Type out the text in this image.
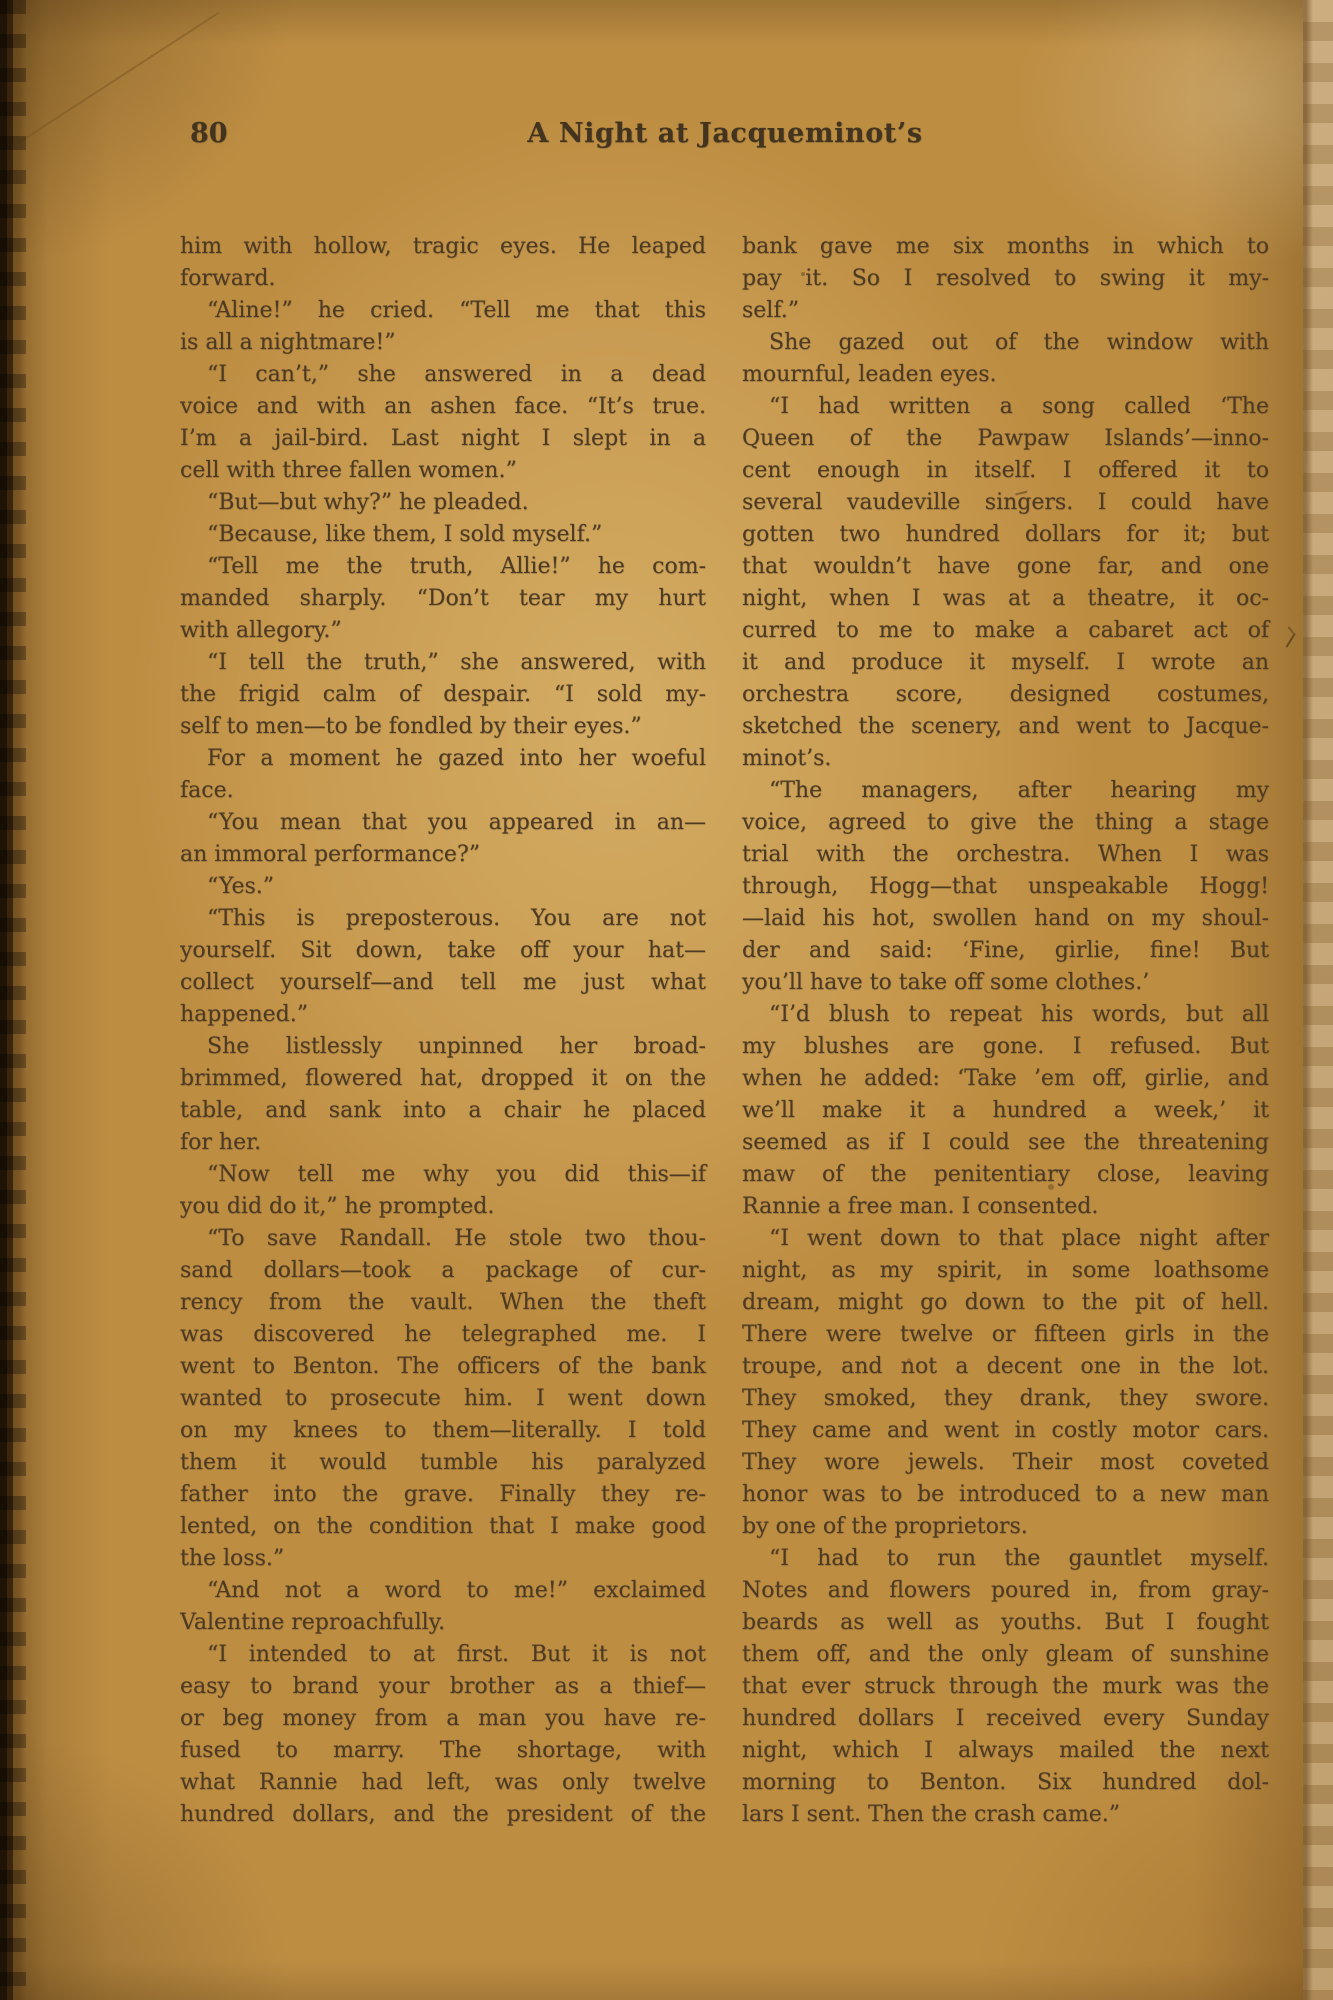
80	A Night at Jacqueminot’s
him with hollow, tragic eyes. He leaped
forward.
“Aline!” he cried. “Tell me that this
is all a nightmare!”
“I can’t,” she answered in a dead
voice and with an ashen face. “It’s true.
I’m a jail-bird. Last night I slept in a
cell with three fallen women.”
“But—but why?” he pleaded.
“Because, like them, I sold myself.”
“Tell me the truth, Allie!” he com-
manded sharply. “Don’t tear my hurt
with allegory.”
“I tell the truth,” she answered, with
the frigid calm of despair. “I sold my-
self to men—to be fondled by their eyes.”
For a moment he gazed into her woeful
face.
“You mean that you appeared in an—
an immoral performance?”
“Yes.”
“This is preposterous. You are not
yourself. Sit down, take off your hat—
collect yourself—and tell me just what
happened.”
She listlessly unpinned her broad-
brimmed, flowered hat, dropped it on the
table, and sank into a chair he placed
for her.
“Now tell me why you did this—if
you did do it,” he prompted.
“To save Randall. He stole two thou-
sand dollars—took a package of cur-
rency from the vault. When the theft
was discovered he telegraphed me. I
went to Benton. The officers of the bank
wanted to prosecute him. I went down
on my knees to them—literally. I told
them it would tumble his paralyzed
father into the grave. Finally they re-
lented, on the condition that I make good
the loss.”
“And not a word to me!” exclaimed
Valentine reproachfully.
“I intended to at first. But it is not
easy to brand your brother as a thief—
or beg money from a man you have re-
fused to marry. The shortage, with
what Rannie had left, was only twelve
hundred dollars, and the president of the
bank gave me six months in which to
pay it. So I resolved to swing it my-
self.”
She gazed out of the window with
mournful, leaden eyes.
“I had written a song called ‘The
Queen of the Pawpaw Islands’—inno-
cent enough in itself. I offered it to
several vaudeville singers. I could have
gotten two hundred dollars for it; but
that wouldn’t have gone far, and one
night, when I was at a theatre, it oc-
curred to me to make a cabaret act of
it and produce it myself. I wrote an
orchestra score, designed costumes,
sketched the scenery, and went to Jacque-
minot’s.
“The managers, after hearing my
voice, agreed to give the thing a stage
trial with the orchestra. When I was
through, Hogg—that unspeakable Hogg!
—laid his hot, swollen hand on my shoul-
der and said: ‘Fine, girlie, fine! But
you’ll have to take off some clothes.’
“I’d blush to repeat his words, but all
my blushes are gone. I refused. But
when he added: ‘Take ’em off, girlie, and
we’ll make it a hundred a week,’ it
seemed as if I could see the threatening
maw of the penitentiary close, leaving
Rannie a free man. I consented.
“I went down to that place night after
night, as my spirit, in some loathsome
dream, might go down to the pit of hell.
There were twelve or fifteen girls in the
troupe, and not a decent one in the lot.
They smoked, they drank, they swore.
They came and went in costly motor cars.
They wore jewels. Their most coveted
honor was to be introduced to a new man
by one of the proprietors.
“I had to run the gauntlet myself.
Notes and flowers poured in, from gray-
beards as well as youths. But I fought
them off, and the only gleam of sunshine
that ever struck through the murk was the
hundred dollars I received every Sunday
night, which I always mailed the next
morning to Benton. Six hundred dol-
lars I sent. Then the crash came.”
